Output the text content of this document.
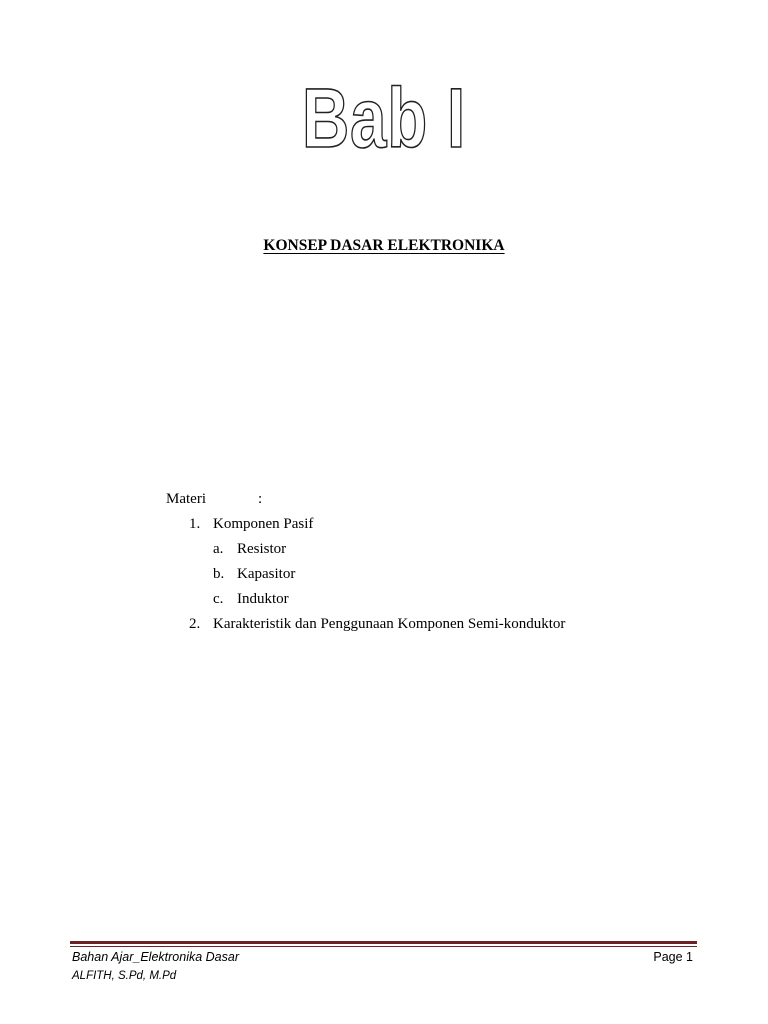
Bab I
KONSEP DASAR ELEKTRONIKA
Materi	:
1. Komponen Pasif
a. Resistor
b. Kapasitor
c. Induktor
2. Karakteristik dan Penggunaan Komponen Semi-konduktor
Bahan Ajar_Elektronika Dasar
ALFITH, S.Pd, M.Pd
Page 1
